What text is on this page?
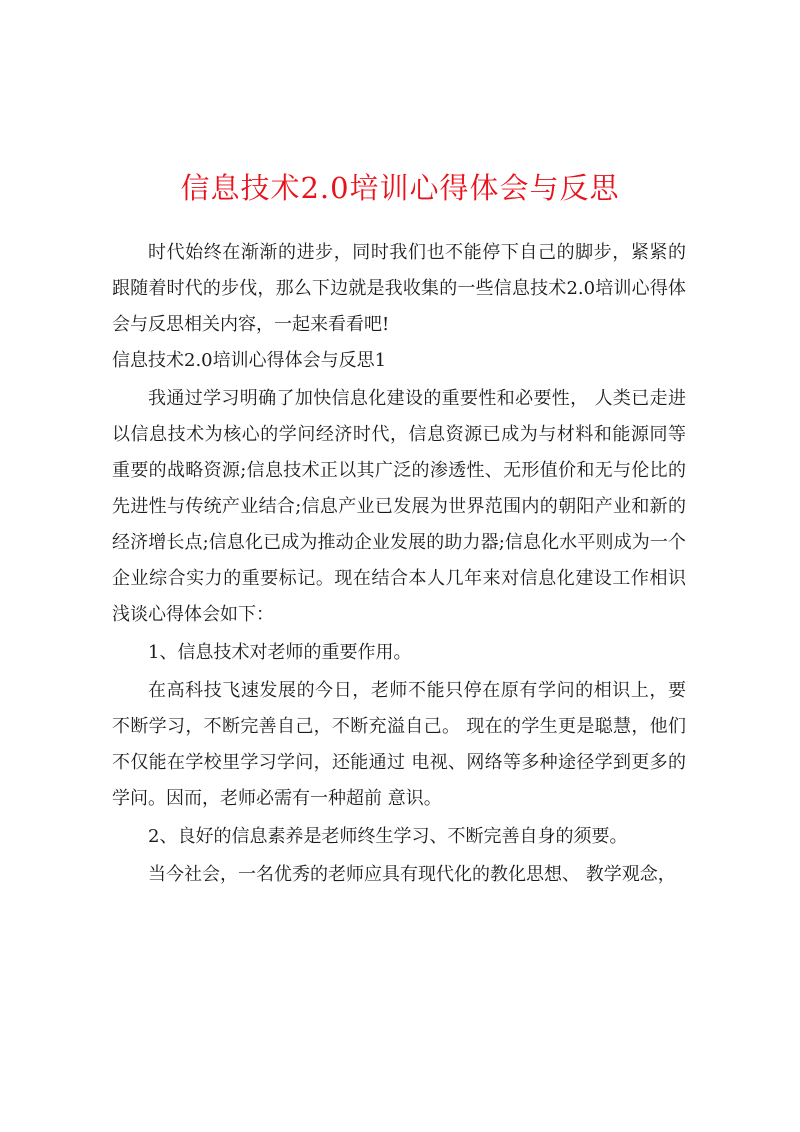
信息技术2.0培训心得体会与反思

时代始终在渐渐的进步，同时我们也不能停下自己的脚步，紧紧的跟随着时代的步伐，那么下边就是我收集的一些信息技术2.0培训心得体会与反思相关内容，一起来看看吧!

信息技术2.0培训心得体会与反思1

我通过学习明确了加快信息化建设的重要性和必要性， 人类已走进以信息技术为核心的学问经济时代，信息资源已成为与材料和能源同等重要的战略资源;信息技术正以其广泛的渗透性、无形值价和无与伦比的先进性与传统产业结合;信息产业已发展为世界范围内的朝阳产业和新的经济增长点;信息化已成为推动企业发展的助力器;信息化水平则成为一个企业综合实力的重要标记。现在结合本人几年来对信息化建设工作相识浅谈心得体会如下：

1、信息技术对老师的重要作用。

在高科技飞速发展的今日，老师不能只停在原有学问的相识上，要不断学习，不断完善自己，不断充溢自己。 现在的学生更是聪慧，他们不仅能在学校里学习学问，还能通过 电视、网络等多种途径学到更多的学问。因而，老师必需有一种超前 意识。

2、良好的信息素养是老师终生学习、不断完善自身的须要。

当今社会，一名优秀的老师应具有现代化的教化思想、 教学观念，
